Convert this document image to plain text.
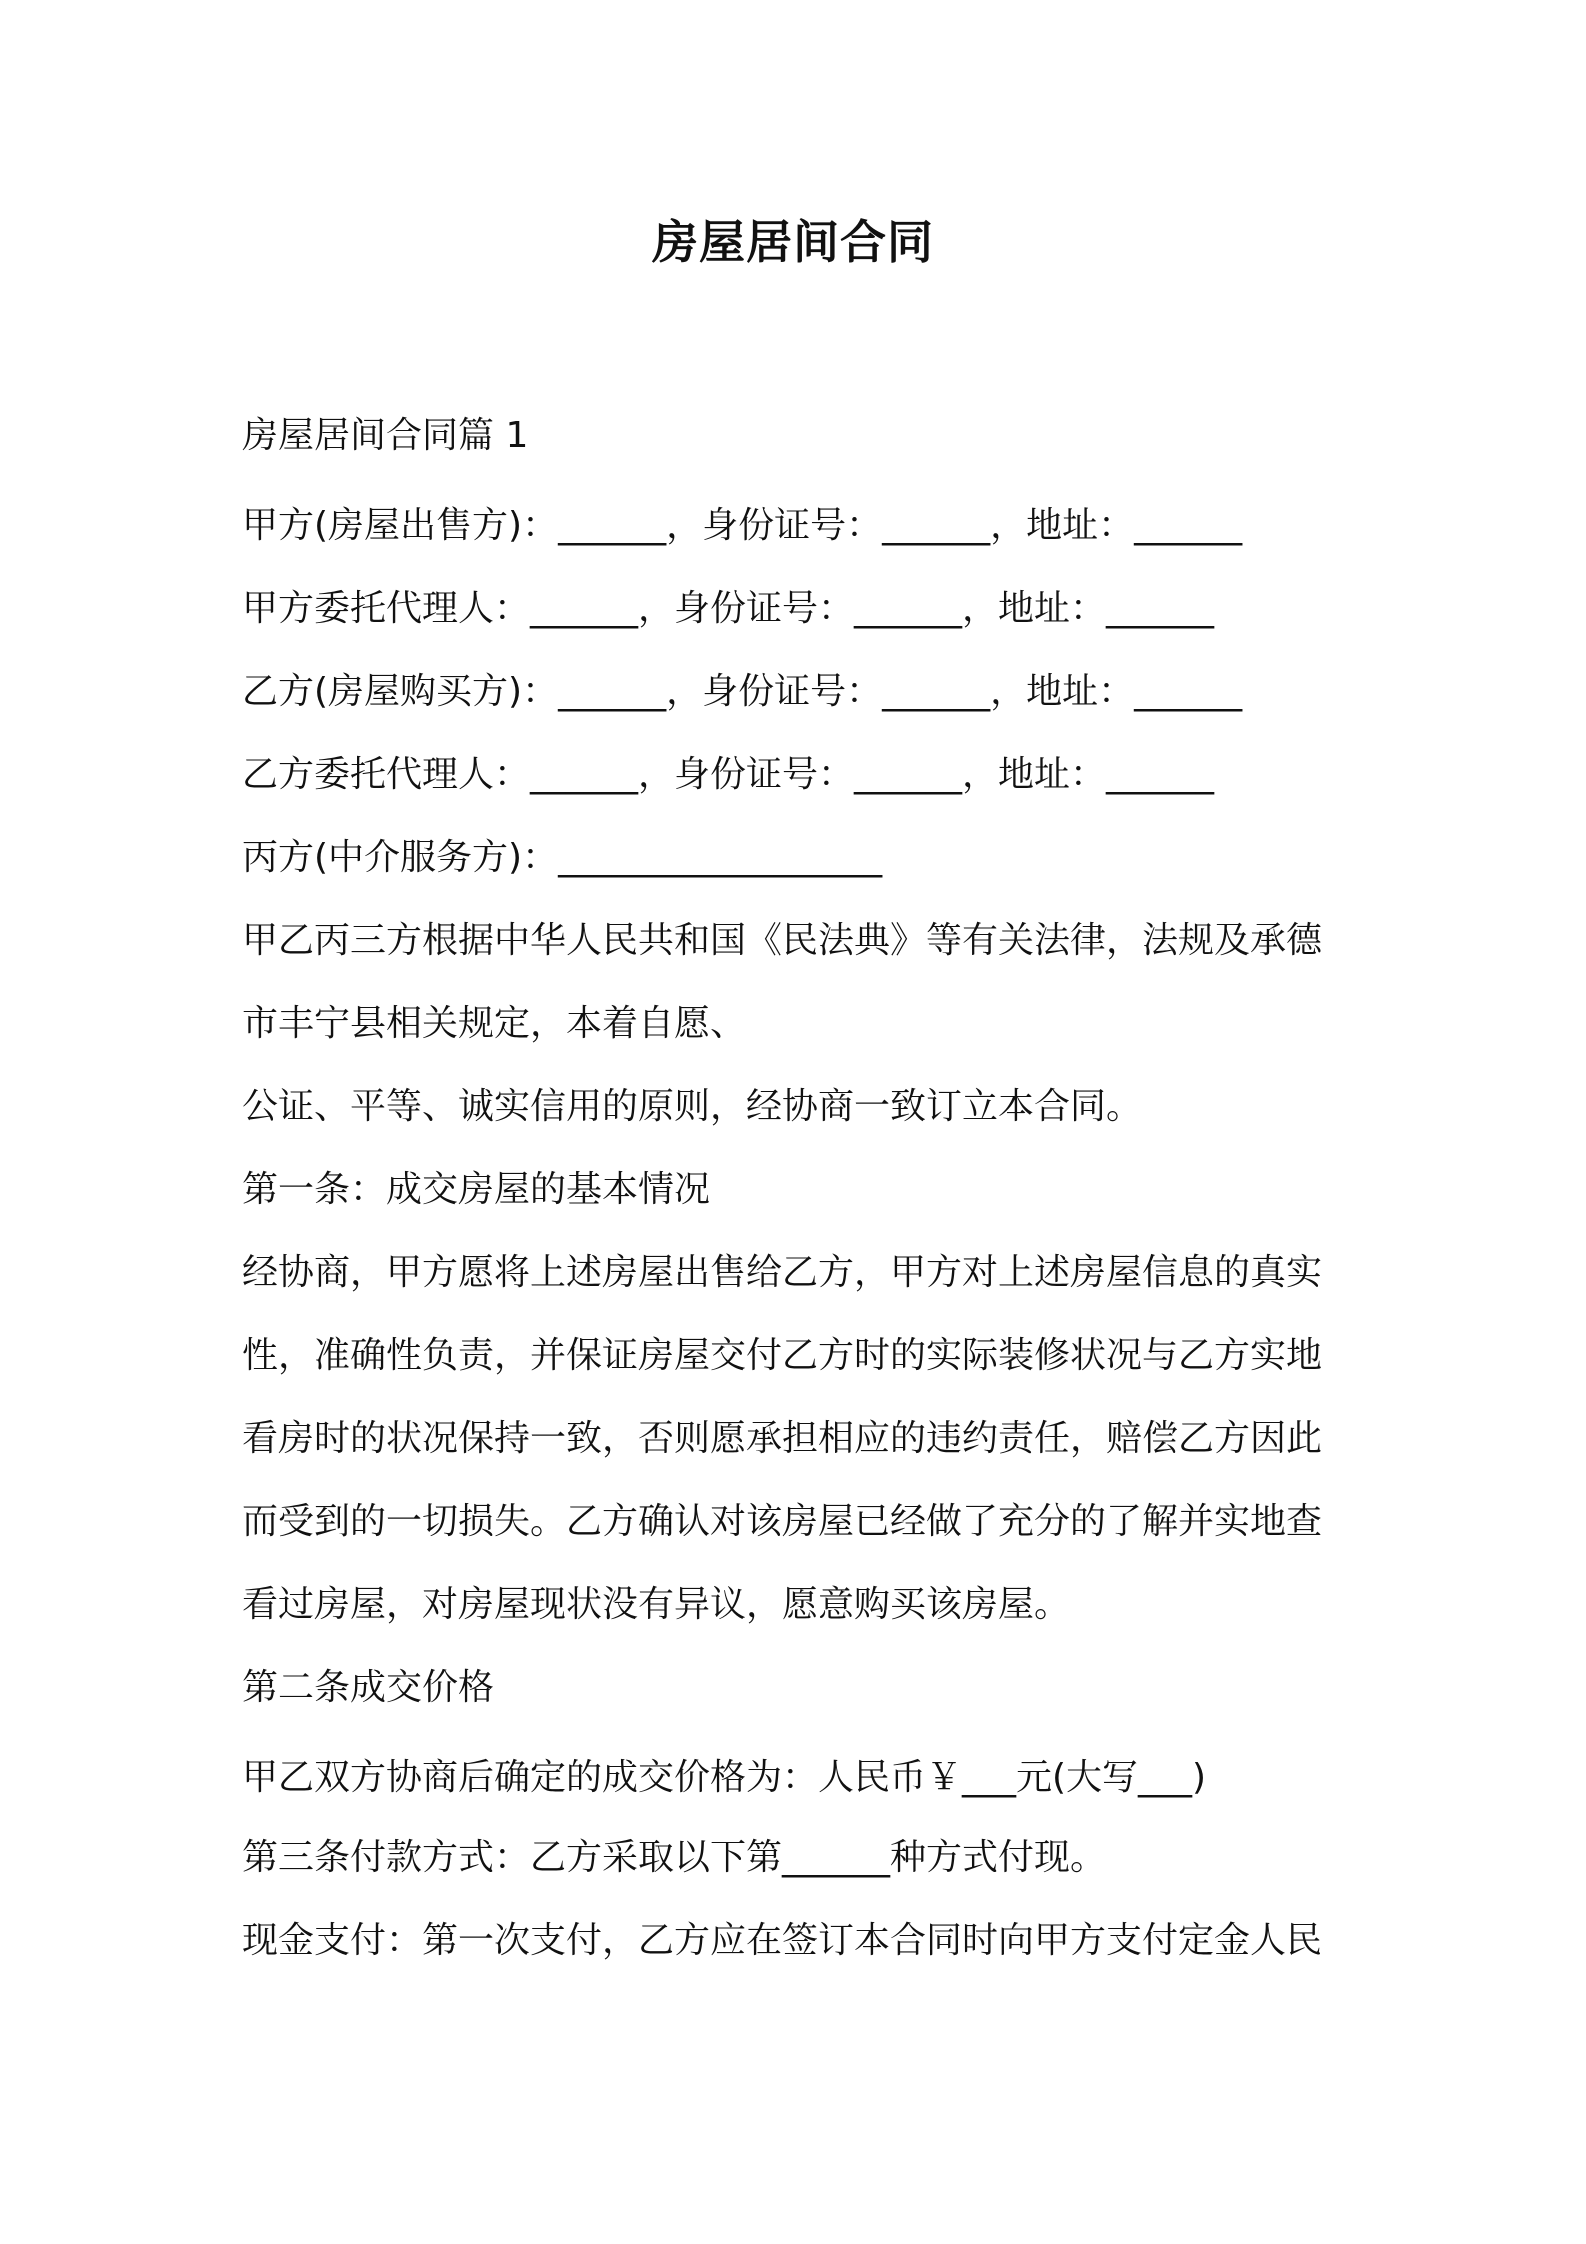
房屋居间合同
房屋居间合同篇 1
甲方(房屋出售方)：______，身份证号：______，地址：______
甲方委托代理人：______，身份证号：______，地址：______
乙方(房屋购买方)：______，身份证号：______，地址：______
乙方委托代理人：______，身份证号：______，地址：______
丙方(中介服务方)：__________________
甲乙丙三方根据中华人民共和国《民法典》等有关法律，法规及承德
市丰宁县相关规定，本着自愿、
公证、平等、诚实信用的原则，经协商一致订立本合同。
第一条：成交房屋的基本情况
经协商，甲方愿将上述房屋出售给乙方，甲方对上述房屋信息的真实
性，准确性负责，并保证房屋交付乙方时的实际装修状况与乙方实地
看房时的状况保持一致，否则愿承担相应的违约责任，赔偿乙方因此
而受到的一切损失。乙方确认对该房屋已经做了充分的了解并实地查
看过房屋，对房屋现状没有异议，愿意购买该房屋。
第二条成交价格
甲乙双方协商后确定的成交价格为：人民币￥___元(大写___)
第三条付款方式：乙方采取以下第______种方式付现。
现金支付：第一次支付，乙方应在签订本合同时向甲方支付定金人民
